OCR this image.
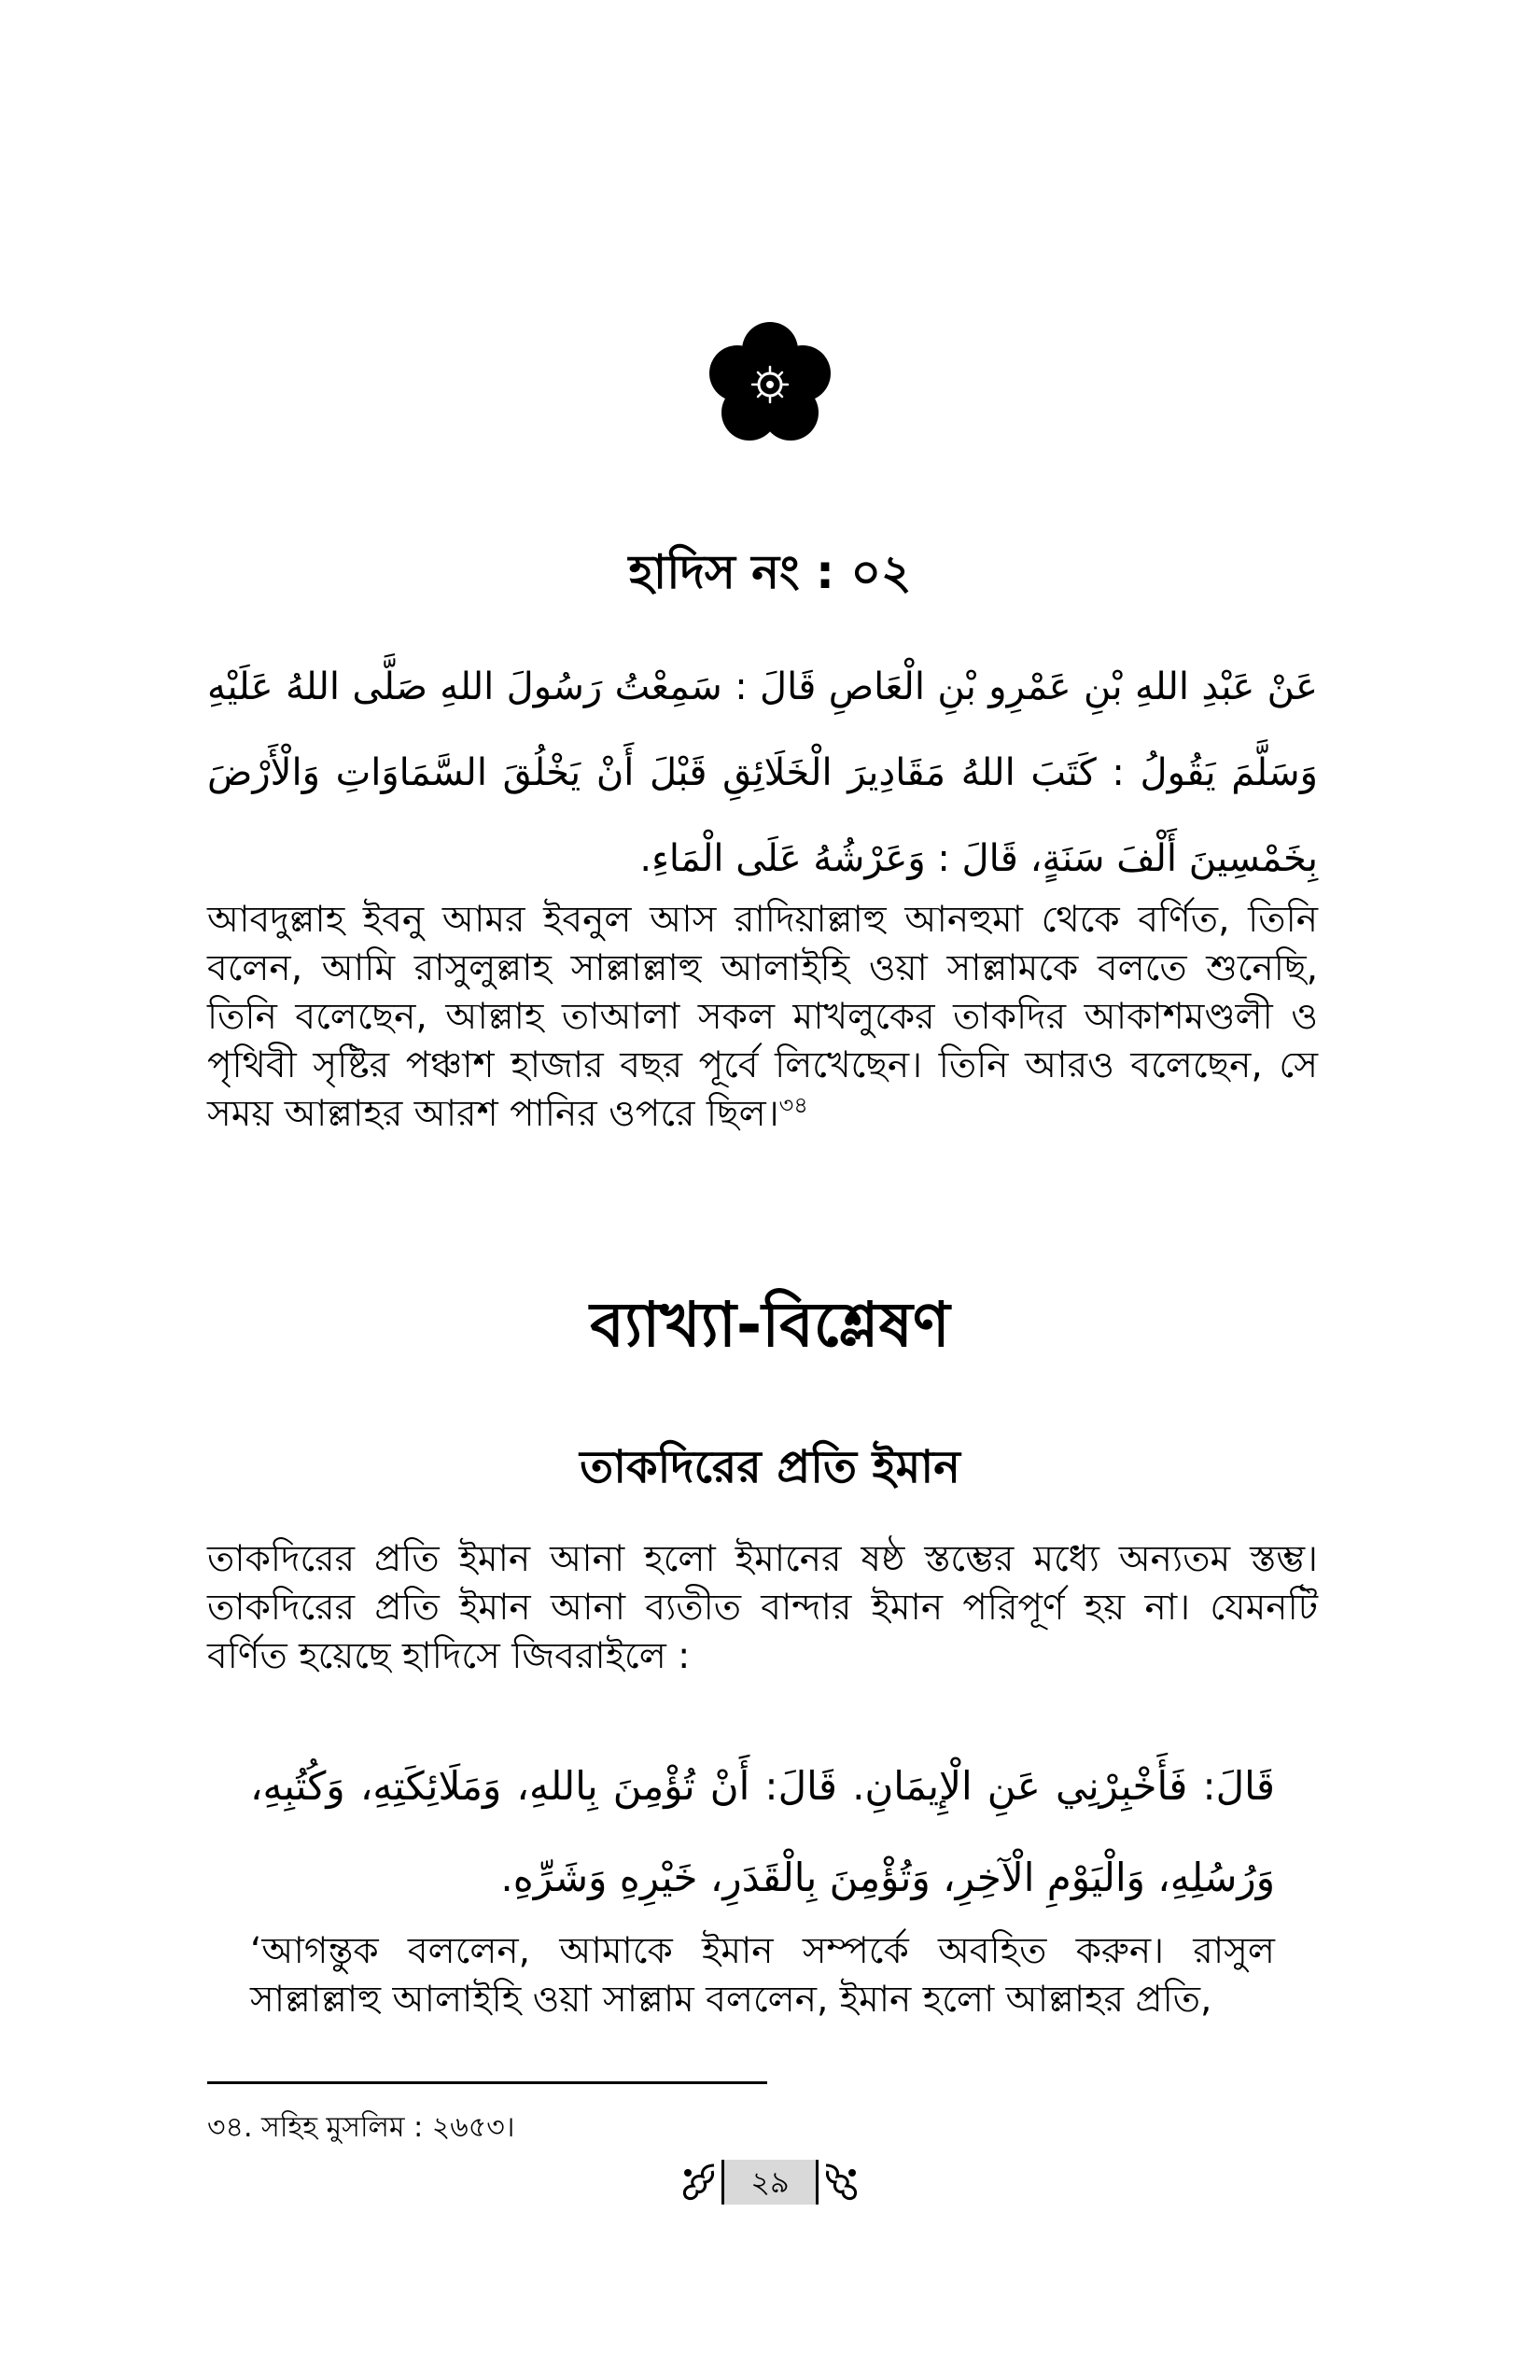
হাদিস নং : ০২
عَنْ عَبْدِ اللهِ بْنِ عَمْرِو بْنِ الْعَاصِ قَالَ : سَمِعْتُ رَسُولَ اللهِ صَلَّى اللهُ عَلَيْهِ وَسَلَّمَ يَقُولُ : كَتَبَ اللهُ مَقَادِيرَ الْخَلَائِقِ قَبْلَ أَنْ يَخْلُقَ السَّمَاوَاتِ وَالْأَرْضَ بِخَمْسِينَ أَلْفَ سَنَةٍ، قَالَ : وَعَرْشُهُ عَلَى الْمَاءِ.
আবদুল্লাহ ইবনু আমর ইবনুল আস রাদিয়াল্লাহু আনহুমা থেকে বর্ণিত, তিনি বলেন, আমি রাসুলুল্লাহ সাল্লাল্লাহু আলাইহি ওয়া সাল্লামকে বলতে শুনেছি, তিনি বলেছেন, আল্লাহ তাআলা সকল মাখলুকের তাকদির আকাশমণ্ডলী ও পৃথিবী সৃষ্টির পঞ্চাশ হাজার বছর পূর্বে লিখেছেন। তিনি আরও বলেছেন, সে সময় আল্লাহর আরশ পানির ওপরে ছিল।$^{৩৪}$
ব্যাখ্যা-বিশ্লেষণ
তাকদিরের প্রতি ইমান
তাকদিরের প্রতি ইমান আনা হলো ইমানের ষষ্ঠ স্তম্ভের মধ্যে অন্যতম স্তম্ভ। তাকদিরের প্রতি ইমান আনা ব্যতীত বান্দার ইমান পরিপূর্ণ হয় না। যেমনটি বর্ণিত হয়েছে হাদিসে জিবরাইলে :
قَالَ: فَأَخْبِرْنِي عَنِ الْإِيمَانِ. قَالَ: أَنْ تُؤْمِنَ بِاللهِ، وَمَلَائِكَتِهِ، وَكُتُبِهِ، وَرُسُلِهِ، وَالْيَوْمِ الْآخِرِ، وَتُؤْمِنَ بِالْقَدَرِ، خَيْرِهِ وَشَرِّهِ.
‘আগন্তুক বললেন, আমাকে ইমান সম্পর্কে অবহিত করুন। রাসুল সাল্লাল্লাহু আলাইহি ওয়া সাল্লাম বললেন, ইমান হলো আল্লাহর প্রতি,
৩৪. সহিহ মুসলিম : ২৬৫৩।
২৯
